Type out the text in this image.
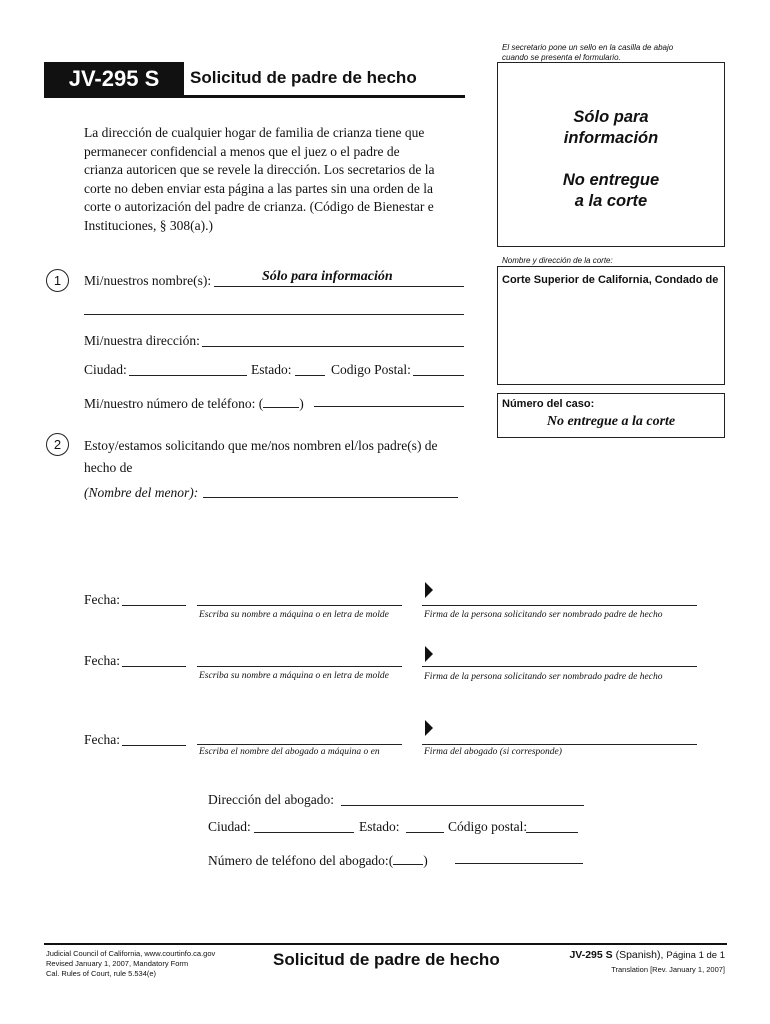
El secretario pone un sello en la casilla de abajo
cuando se presenta el formulario.
JV-295 S	Solicitud de padre de hecho
Sólo para
información
No entregue
a la corte
La dirección de cualquier hogar de familia de crianza tiene que
permanecer confidencial a menos que el juez o el padre de
crianza autoricen que se revele la dirección. Los secretarios de la
corte no deben enviar esta página a las partes sin una orden de la
corte o autorización del padre de crianza. (Código de Bienestar e
Instituciones, § 308(a).)
Nombre y dirección de la corte:
Corte Superior de California, Condado de
Número del caso:
No entregue a la corte
1	Mi/nuestros nombre(s):	Sólo para información
Mi/nuestra dirección:
Ciudad:	Estado:	Codigo Postal:
Mi/nuestro número de teléfono: (	)
2	Estoy/estamos solicitando que me/nos nombren el/los padre(s) de
hecho de
(Nombre del menor):
Fecha:
Escriba su nombre a máquina o en letra de molde	Firma de la persona solicitando ser nombrado padre de hecho
Fecha:
Escriba su nombre a máquina o en letra de molde	Firma de la persona solicitando ser nombrado padre de hecho
Fecha:
Escriba el nombre del abogado a máquina o en	Firma del abogado (si corresponde)
Dirección del abogado:
Ciudad:	Estado:	Código postal:
Número de teléfono del abogado:( )
Judicial Council of California, www.courtinfo.ca.gov
Revised January 1, 2007, Mandatory Form
Cal. Rules of Court, rule 5.534(e)
Solicitud de padre de hecho	JV-295 S (Spanish), Página 1 de 1
Translation [Rev. January 1, 2007]
